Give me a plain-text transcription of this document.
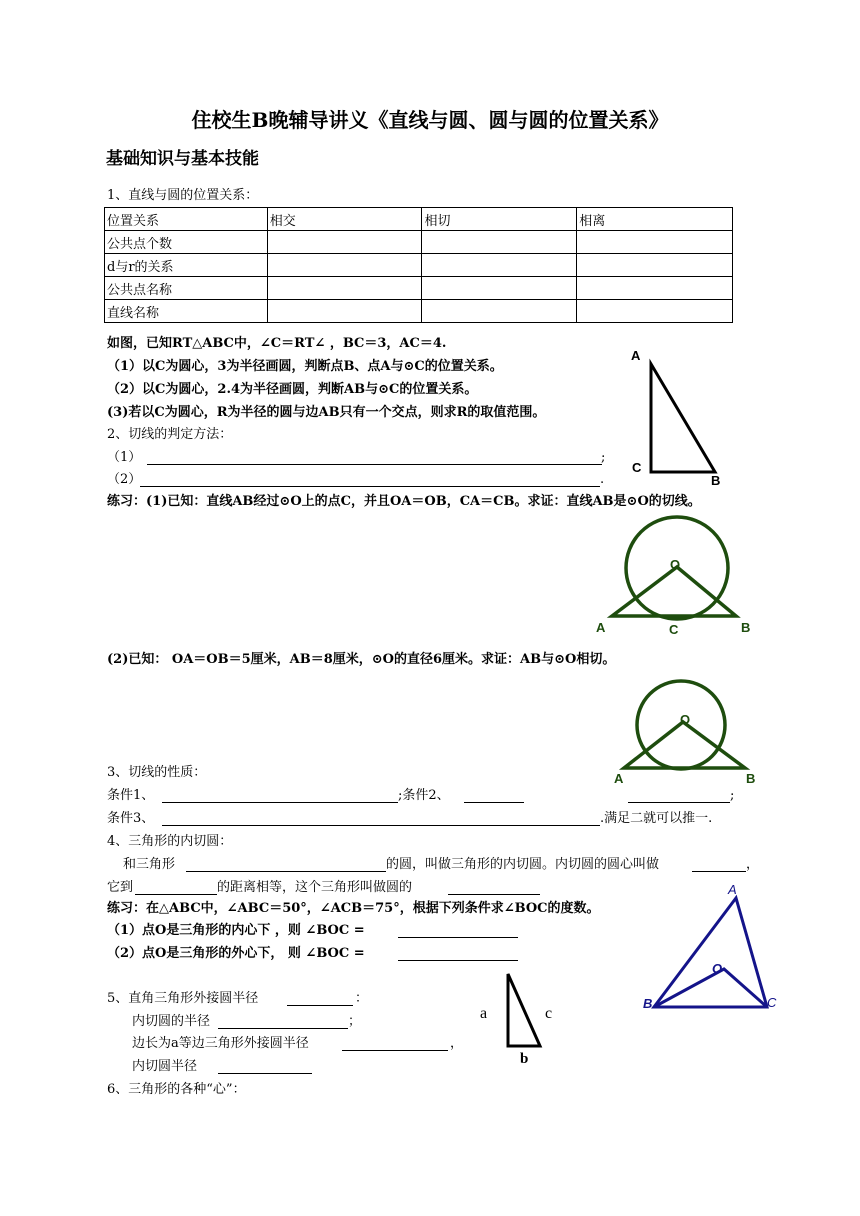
住校生B晚辅导讲义《直线与圆、圆与圆的位置关系》
基础知识与基本技能
1、直线与圆的位置关系：
位置关系	相交	相切	相离
公共点个数			
d与r的关系			
公共点名称			
直线名称			
如图，已知RT△ABC中，∠C＝RT∠ ，BC＝3，AC＝4.
（1）以C为圆心，3为半径画圆，判断点B、点A与⊙C的位置关系。
（2）以C为圆心，2.4为半径画圆，判断AB与⊙C的位置关系。
(3)若以C为圆心，R为半径的圆与边AB只有一个交点，则求R的取值范围。
A
C
B
2、切线的判定方法：
（1）	;
（2）	.
练习：(1)已知：直线AB经过⊙O上的点C，并且OA＝OB，CA＝CB。求证：直线AB是⊙O的切线。
O
A	C	B
(2)已知： OA＝OB＝5厘米，AB＝8厘米，⊙O的直径6厘米。求证：AB与⊙O相切。
O
A	B
3、切线的性质：
条件1、	;条件2、	;
条件3、	.满足二就可以推一.
4、三角形的内切圆：
和三角形	的圆，叫做三角形的内切圆。内切圆的圆心叫做	，
它到	的距离相等，这个三角形叫做圆的
练习：在△ABC中，∠ABC＝50°，∠ACB＝75°，根据下列条件求∠BOC的度数。
（1）点O是三角形的内心下 ，则 ∠BOC =
（2）点O是三角形的外心下， 则 ∠BOC =
A
O
B	C
5、直角三角形外接圆半径	：
内切圆的半径	；
边长为a等边三角形外接圆半径	，
内切圆半径
a	c
b
6、三角形的各种“心”：
